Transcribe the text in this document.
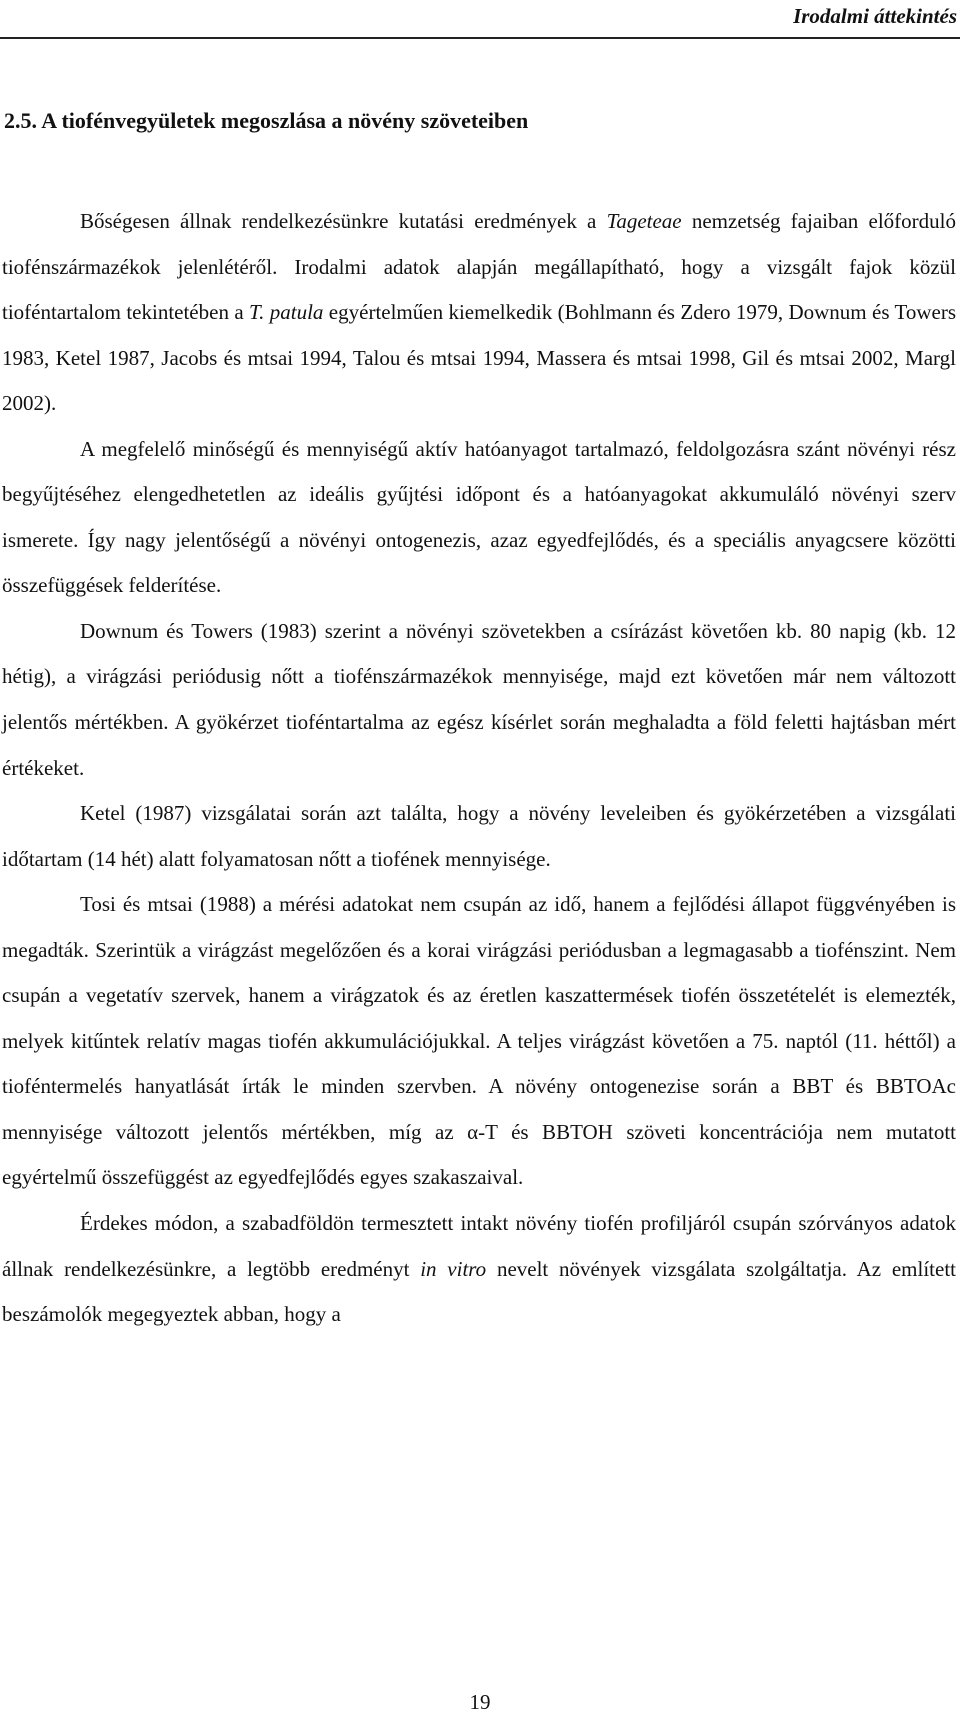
Irodalmi áttekintés
2.5. A tiofénvegyületek megoszlása a növény szöveteiben

Bőségesen állnak rendelkezésünkre kutatási eredmények a Tageteae nemzetség fajaiban előforduló tiofénszármazékok jelenlétéről. Irodalmi adatok alapján megállapítható, hogy a vizsgált fajok közül tioféntartalom tekintetében a T. patula egyértelműen kiemelkedik (Bohlmann és Zdero 1979, Downum és Towers 1983, Ketel 1987, Jacobs és mtsai 1994, Talou és mtsai 1994, Massera és mtsai 1998, Gil és mtsai 2002, Margl 2002).

A megfelelő minőségű és mennyiségű aktív hatóanyagot tartalmazó, feldolgozásra szánt növényi rész begyűjtéséhez elengedhetetlen az ideális gyűjtési időpont és a hatóanyagokat akkumuláló növényi szerv ismerete. Így nagy jelentőségű a növényi ontogenezis, azaz egyedfejlődés, és a speciális anyagcsere közötti összefüggések felderítése.

Downum és Towers (1983) szerint a növényi szövetekben a csírázást követően kb. 80 napig (kb. 12 hétig), a virágzási periódusig nőtt a tiofénszármazékok mennyisége, majd ezt követően már nem változott jelentős mértékben. A gyökérzet tioféntartalma az egész kísérlet során meghaladta a föld feletti hajtásban mért értékeket.

Ketel (1987) vizsgálatai során azt találta, hogy a növény leveleiben és gyökérzetében a vizsgálati időtartam (14 hét) alatt folyamatosan nőtt a tiofének mennyisége.

Tosi és mtsai (1988) a mérési adatokat nem csupán az idő, hanem a fejlődési állapot függvényében is megadták. Szerintük a virágzást megelőzően és a korai virágzási periódusban a legmagasabb a tiofénszint. Nem csupán a vegetatív szervek, hanem a virágzatok és az éretlen kaszattermések tiofén összetételét is elemezték, melyek kitűntek relatív magas tiofén akkumulációjukkal. A teljes virágzást követően a 75. naptól (11. héttől) a tioféntermelés hanyatlását írták le minden szervben. A növény ontogenezise során a BBT és BBTOAc mennyisége változott jelentős mértékben, míg az α-T és BBTOH szöveti koncentrációja nem mutatott egyértelmű összefüggést az egyedfejlődés egyes szakaszaival.

Érdekes módon, a szabadföldön termesztett intakt növény tiofén profiljáról csupán szórványos adatok állnak rendelkezésünkre, a legtöbb eredményt in vitro nevelt növények vizsgálata szolgáltatja. Az említett beszámolók megegyeztek abban, hogy a

19
